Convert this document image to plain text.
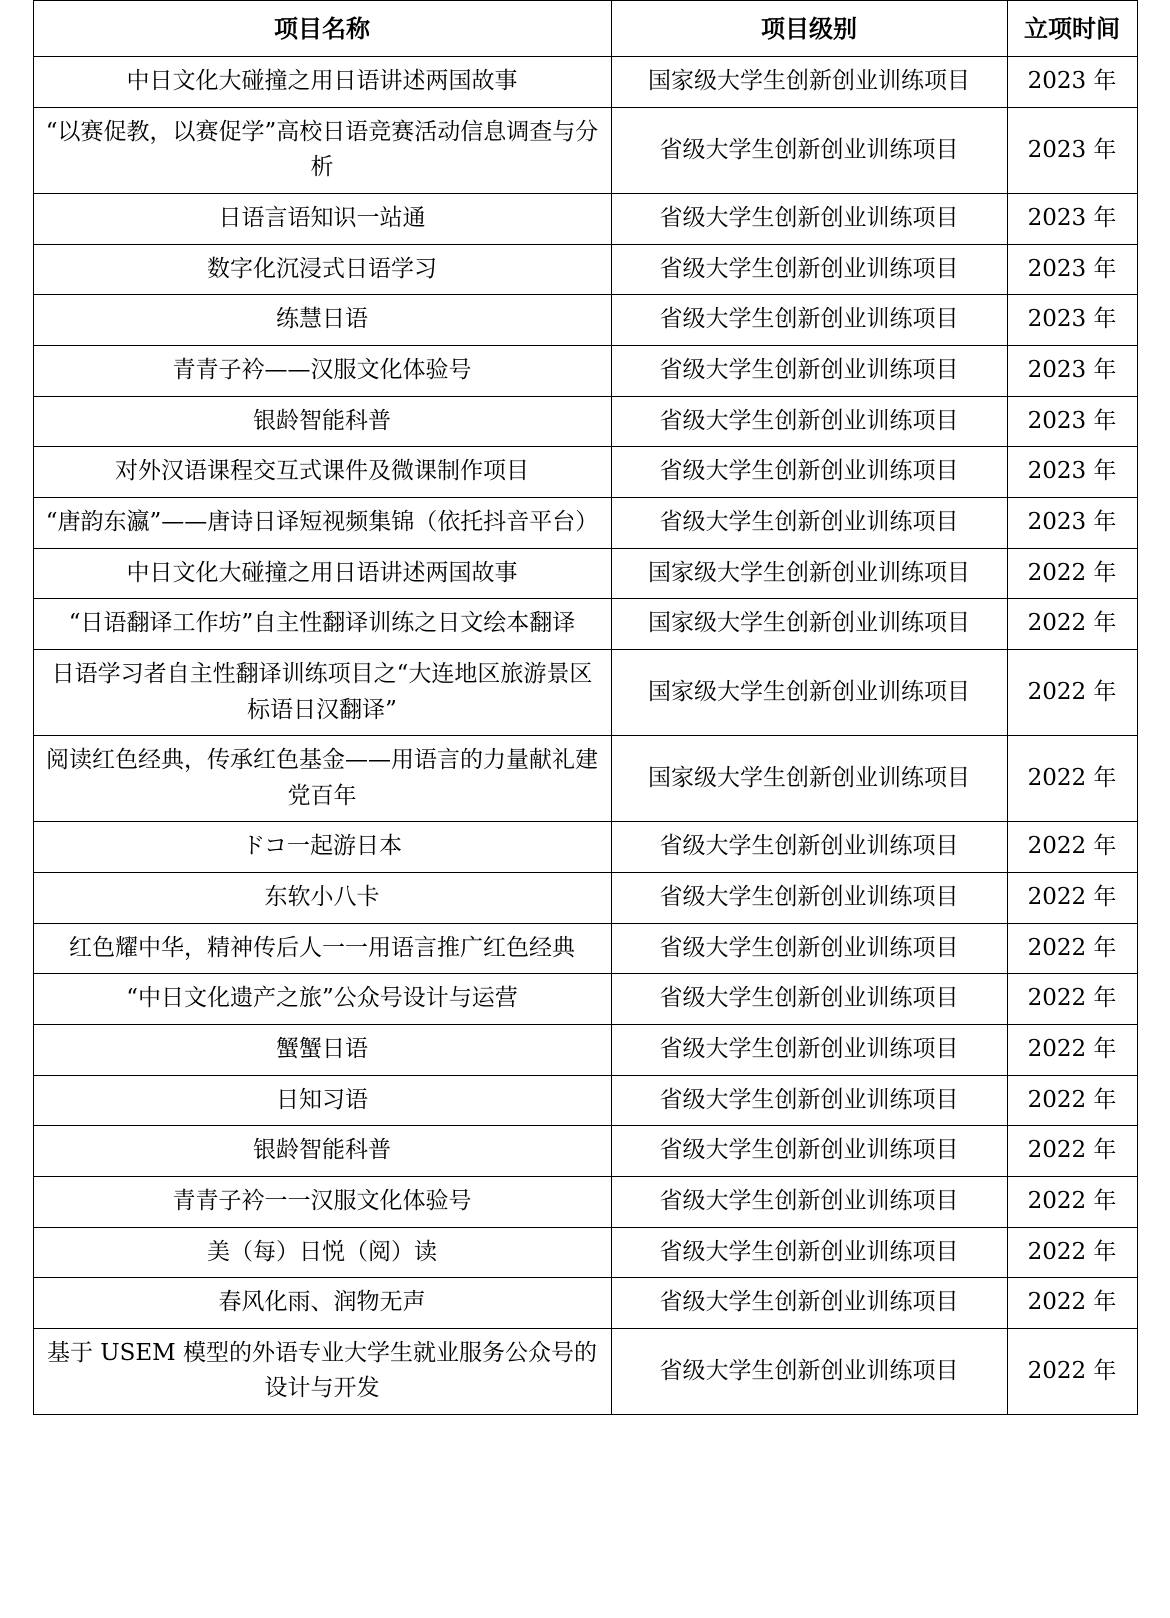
项目名称	项目级别	立项时间
中日文化大碰撞之用日语讲述两国故事	国家级大学生创新创业训练项目	2023 年
“以赛促教，以赛促学”高校日语竞赛活动信息调查与分析	省级大学生创新创业训练项目	2023 年
日语言语知识一站通	省级大学生创新创业训练项目	2023 年
数字化沉浸式日语学习	省级大学生创新创业训练项目	2023 年
练慧日语	省级大学生创新创业训练项目	2023 年
青青子衿——汉服文化体验号	省级大学生创新创业训练项目	2023 年
银龄智能科普	省级大学生创新创业训练项目	2023 年
对外汉语课程交互式课件及微课制作项目	省级大学生创新创业训练项目	2023 年
“唐韵东瀛”——唐诗日译短视频集锦（依托抖音平台）	省级大学生创新创业训练项目	2023 年
中日文化大碰撞之用日语讲述两国故事	国家级大学生创新创业训练项目	2022 年
“日语翻译工作坊”自主性翻译训练之日文绘本翻译	国家级大学生创新创业训练项目	2022 年
日语学习者自主性翻译训练项目之“大连地区旅游景区标语日汉翻译”	国家级大学生创新创业训练项目	2022 年
阅读红色经典，传承红色基金——用语言的力量献礼建党百年	国家级大学生创新创业训练项目	2022 年
ドコ一起游日本	省级大学生创新创业训练项目	2022 年
东软小八卡	省级大学生创新创业训练项目	2022 年
红色耀中华，精神传后人一一用语言推广红色经典	省级大学生创新创业训练项目	2022 年
“中日文化遗产之旅”公众号设计与运营	省级大学生创新创业训练项目	2022 年
蟹蟹日语	省级大学生创新创业训练项目	2022 年
日知习语	省级大学生创新创业训练项目	2022 年
银龄智能科普	省级大学生创新创业训练项目	2022 年
青青子衿一一汉服文化体验号	省级大学生创新创业训练项目	2022 年
美（每）日悦（阅）读	省级大学生创新创业训练项目	2022 年
春风化雨、润物无声	省级大学生创新创业训练项目	2022 年
基于 USEM 模型的外语专业大学生就业服务公众号的设计与开发	省级大学生创新创业训练项目	2022 年
